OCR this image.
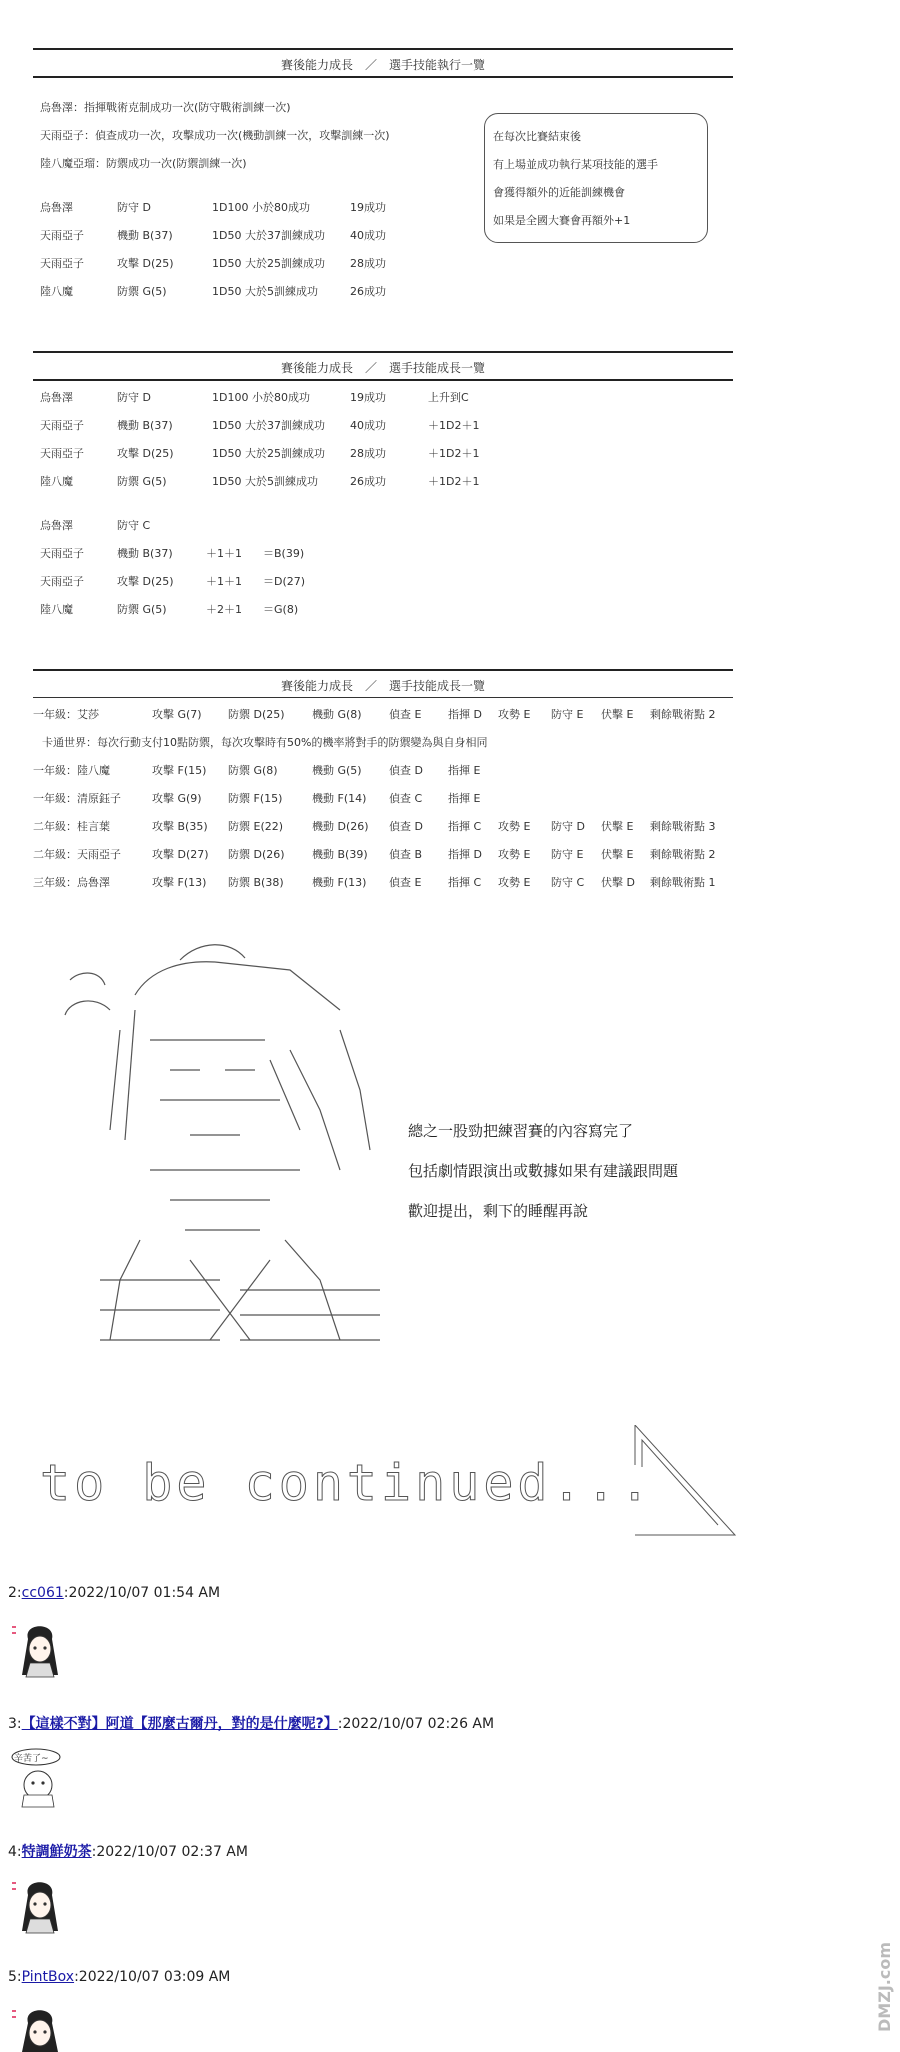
賽後能力成長　／　選手技能執行一覽
烏魯澤：指揮戰術克制成功一次(防守戰術訓練一次)
天雨亞子：偵查成功一次，攻擊成功一次(機動訓練一次，攻擊訓練一次)
陸八魔亞瑠：防禦成功一次(防禦訓練一次)
烏魯澤	防守 D	1D100 小於80成功	19成功
天雨亞子	機動 B(37)	1D50 大於37訓練成功 40成功
天雨亞子	攻擊 D(25)	1D50 大於25訓練成功 28成功
陸八魔	防禦 G(5)	1D50 大於5訓練成功	26成功
在每次比賽結束後
有上場並成功執行某項技能的選手
會獲得額外的近能訓練機會
如果是全國大賽會再額外+1
賽後能力成長　／　選手技能成長一覽
烏魯澤	防守 D	1D100 小於80成功	19成功	上升到C
天雨亞子	機動 B(37)	1D50 大於37訓練成功 40成功	＋1D2＋1
天雨亞子	攻擊 D(25)	1D50 大於25訓練成功 28成功	＋1D2＋1
陸八魔	防禦 G(5)	1D50 大於5訓練成功	26成功	＋1D2＋1
烏魯澤	防守 C
天雨亞子	機動 B(37)	＋1＋1 ＝B(39)
天雨亞子	攻擊 D(25)	＋1＋1 ＝D(27)
陸八魔	防禦 G(5)	＋2＋1 ＝G(8)
賽後能力成長　／　選手技能成長一覽
一年級：艾莎	攻擊 G(7) 防禦 D(25) 機動 G(8) 偵查 E 指揮 D 攻勢 E 防守 E 伏擊 E 剩餘戰術點 2
卡通世界：每次行動支付10點防禦，每次攻擊時有50%的機率將對手的防禦變為與自身相同
一年級：陸八魔	攻擊 F(15) 防禦 G(8)	機動 G(5) 偵查 D 指揮 E
一年級：清原鈺子	攻擊 G(9) 防禦 F(15)	機動 F(14) 偵查 C 指揮 E
二年級：桂言葉	攻擊 B(35) 防禦 E(22)	機動 D(26) 偵查 D 指揮 C 攻勢 E 防守 D 伏擊 E 剩餘戰術點 3
二年級：天雨亞子	攻擊 D(27) 防禦 D(26) 機動 B(39) 偵查 B 指揮 D 攻勢 E 防守 E 伏擊 E 剩餘戰術點 2
三年級：烏魯澤	攻擊 F(13) 防禦 B(38)	機動 F(13) 偵查 E 指揮 C 攻勢 E 防守 C 伏擊 D 剩餘戰術點 1
總之一股勁把練習賽的內容寫完了
包括劇情跟演出或數據如果有建議跟問題
歡迎提出，剩下的睡醒再說
to be continued...
2:cc061:2022/10/07 01:54 AM
3:【這樣不對】阿道【那麼古爾丹，對的是什麼呢?】:2022/10/07 02:26 AM
辛苦了~
4:特調鮮奶茶:2022/10/07 02:37 AM
5:PintBox:2022/10/07 03:09 AM	DMZJ.com
